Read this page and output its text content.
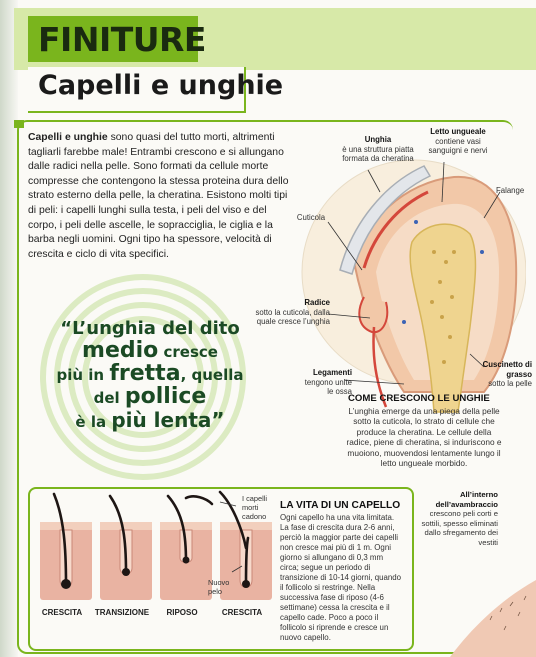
FINITURE
Capelli e unghie
Capelli e unghie sono quasi del tutto morti, altrimenti tagliarli farebbe male! Entrambi crescono e si allungano dalle radici nella pelle. Sono formati da cellule morte compresse che contengono la stessa proteina dura dello strato esterno della pelle, la cheratina. Esistono molti tipi di peli: i capelli lunghi sulla testa, i peli del viso e del corpo, i peli delle ascelle, le sopracciglia, le ciglia e la barba negli uomini. Ogni tipo ha spessore, velocità di crescita e ciclo di vita specifici.
“L’unghia del dito
medio cresce
più in fretta, quella
del pollice
è la più lenta”
Unghia
è una struttura piatta formata da cheratina
Letto ungueale
contiene vasi sanguigni e nervi
Falange
Cuticola
Radice
sotto la cuticola, dalla quale cresce l’unghia
Legamenti
tengono unite le ossa
Cuscinetto di grasso
sotto la pelle
COME CRESCONO LE UNGHIE
L’unghia emerge da una piega della pelle sotto la cuticola, lo strato di cellule che produce la cheratina. Le cellule della radice, piene di cheratina, si induriscono e muoiono, muovendosi lentamente lungo il letto ungueale morbido.
CRESCITA	TRANSIZIONE	RIPOSO	CRESCITA
I capelli morti cadono
Nuovo pelo
LA VITA DI UN CAPELLO
Ogni capello ha una vita limitata. La fase di crescita dura 2-6 anni, perciò la maggior parte dei capelli non cresce mai più di 1 m. Ogni giorno si allungano di 0,3 mm circa; segue un periodo di transizione di 10-14 giorni, quando il follicolo si restringe. Nella successiva fase di riposo (4-6 settimane) cessa la crescita e il capello cade. Poco a poco il follicolo si riprende e cresce un nuovo capello.
All’interno dell’avambraccio
crescono peli corti e sottili, spesso eliminati dallo sfregamento dei vestiti
